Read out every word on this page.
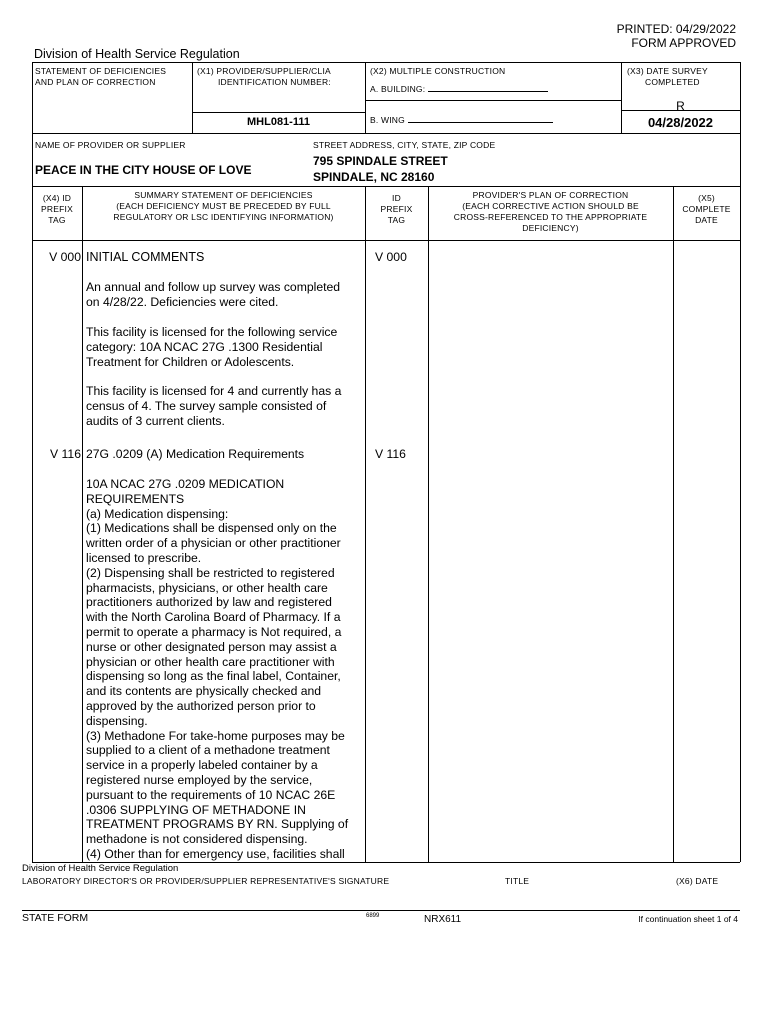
PRINTED: 04/29/2022
FORM APPROVED
Division of Health Service Regulation
STATEMENT OF DEFICIENCIES
AND PLAN OF CORRECTION
(X1) PROVIDER/SUPPLIER/CLIA
IDENTIFICATION NUMBER:
MHL081-111
(X2) MULTIPLE CONSTRUCTION
A. BUILDING:
B. WING
(X3) DATE SURVEY
COMPLETED
R
04/28/2022
NAME OF PROVIDER OR SUPPLIER
PEACE IN THE CITY HOUSE OF LOVE
STREET ADDRESS, CITY, STATE, ZIP CODE
795 SPINDALE STREET
SPINDALE, NC 28160
(X4) ID
PREFIX
TAG
SUMMARY STATEMENT OF DEFICIENCIES
(EACH DEFICIENCY MUST BE PRECEDED BY FULL
REGULATORY OR LSC IDENTIFYING INFORMATION)
ID
PREFIX
TAG
PROVIDER'S PLAN OF CORRECTION
(EACH CORRECTIVE ACTION SHOULD BE
CROSS-REFERENCED TO THE APPROPRIATE
DEFICIENCY)
(X5)
COMPLETE
DATE
V 000	V 000
INITIAL COMMENTS
An annual and follow up survey was completed
on 4/28/22. Deficiencies were cited.
This facility is licensed for the following service
category: 10A NCAC 27G .1300 Residential
Treatment for Children or Adolescents.
This facility is licensed for 4 and currently has a
census of 4. The survey sample consisted of
audits of 3 current clients.
V 116	V 116
27G .0209 (A) Medication Requirements
10A NCAC 27G .0209 MEDICATION
REQUIREMENTS
(a) Medication dispensing:
(1) Medications shall be dispensed only on the
written order of a physician or other practitioner
licensed to prescribe.
(2) Dispensing shall be restricted to registered
pharmacists, physicians, or other health care
practitioners authorized by law and registered
with the North Carolina Board of Pharmacy. If a
permit to operate a pharmacy is Not required, a
nurse or other designated person may assist a
physician or other health care practitioner with
dispensing so long as the final label, Container,
and its contents are physically checked and
approved by the authorized person prior to
dispensing.
(3) Methadone For take-home purposes may be
supplied to a client of a methadone treatment
service in a properly labeled container by a
registered nurse employed by the service,
pursuant to the requirements of 10 NCAC 26E
.0306 SUPPLYING OF METHADONE IN
TREATMENT PROGRAMS BY RN. Supplying of
methadone is not considered dispensing.
(4) Other than for emergency use, facilities shall
Division of Health Service Regulation
LABORATORY DIRECTOR'S OR PROVIDER/SUPPLIER REPRESENTATIVE'S SIGNATURE	TITLE	(X6) DATE
STATE FORM	6899	NRX611	If continuation sheet 1 of 4
